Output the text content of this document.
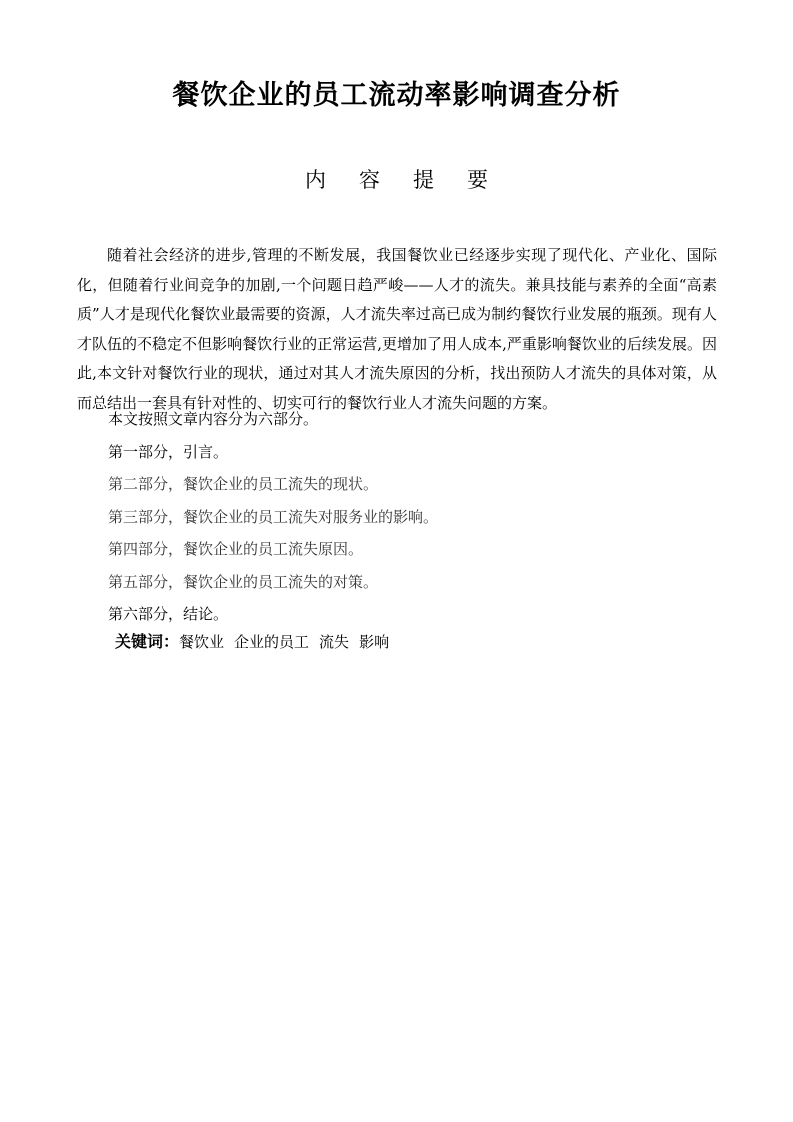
餐饮企业的员工流动率影响调查分析
内容提要

随着社会经济的进步,管理的不断发展，我国餐饮业已经逐步实现了现代化、产业化、国际化，但随着行业间竞争的加剧,一个问题日趋严峻——人才的流失。兼具技能与素养的全面“高素质”人才是现代化餐饮业最需要的资源，人才流失率过高已成为制约餐饮行业发展的瓶颈。现有人才队伍的不稳定不但影响餐饮行业的正常运营,更增加了用人成本,严重影响餐饮业的后续发展。因此,本文针对餐饮行业的现状，通过对其人才流失原因的分析，找出预防人才流失的具体对策，从而总结出一套具有针对性的、切实可行的餐饮行业人才流失问题的方案。

本文按照文章内容分为六部分。
第一部分，引言。
第二部分，餐饮企业的员工流失的现状。
第三部分，餐饮企业的员工流失对服务业的影响。
第四部分，餐饮企业的员工流失原因。
第五部分，餐饮企业的员工流失的对策。
第六部分，结论。
关键词：餐饮业 企业的员工 流失 影响
